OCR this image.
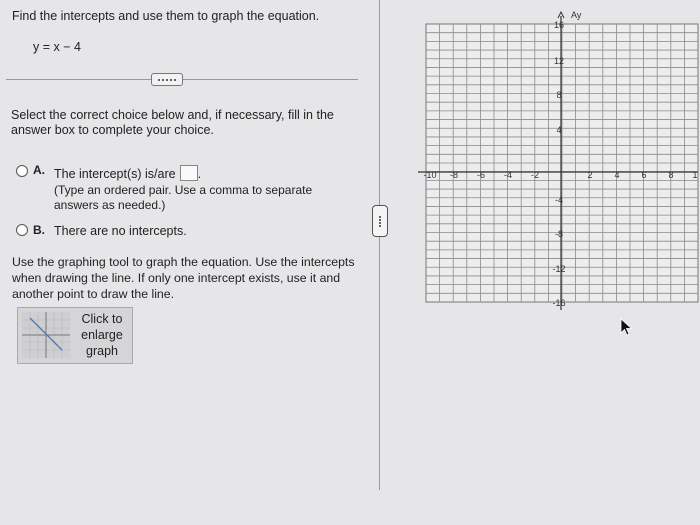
Find the intercepts and use them to graph the equation.
y = x − 4
Select the correct choice below and, if necessary, fill in the answer box to complete your choice.
A. The intercept(s) is/are .
(Type an ordered pair. Use a comma to separate answers as needed.)
B. There are no intercepts.
Use the graphing tool to graph the equation. Use the intercepts when drawing the line. If only one intercept exists, use it and another point to draw the line.
Click to
enlarge
graph
Ay
-10 -8 -6 -4 -2	2 4 6 8 1
16
12
8
4
-4
-8
-12
-16
